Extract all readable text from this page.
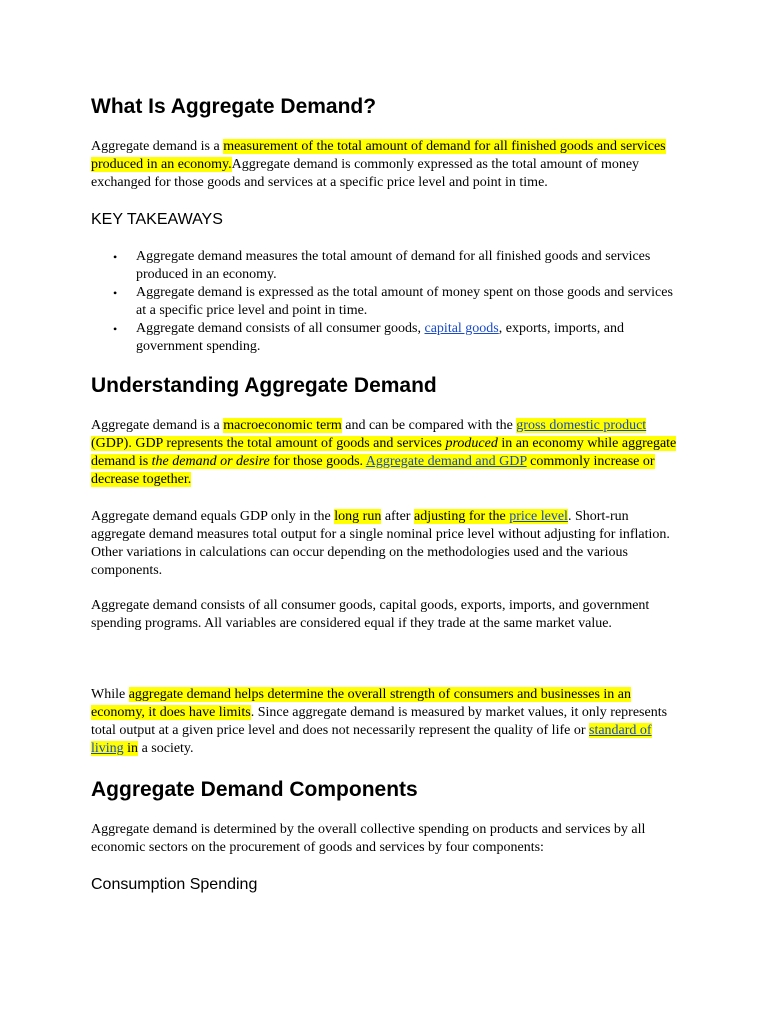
What Is Aggregate Demand?

Aggregate demand is a measurement of the total amount of demand for all finished goods and services produced in an economy.Aggregate demand is commonly expressed as the total amount of money exchanged for those goods and services at a specific price level and point in time.

KEY TAKEAWAYS
• Aggregate demand measures the total amount of demand for all finished goods and services produced in an economy.
• Aggregate demand is expressed as the total amount of money spent on those goods and services at a specific price level and point in time.
• Aggregate demand consists of all consumer goods, capital goods, exports, imports, and government spending.
Understanding Aggregate Demand

Aggregate demand is a macroeconomic term and can be compared with the gross domestic product (GDP). GDP represents the total amount of goods and services produced in an economy while aggregate demand is the demand or desire for those goods. Aggregate demand and GDP commonly increase or decrease together.

Aggregate demand equals GDP only in the long run after adjusting for the price level. Short-run aggregate demand measures total output for a single nominal price level without adjusting for inflation. Other variations in calculations can occur depending on the methodologies used and the various components.

Aggregate demand consists of all consumer goods, capital goods, exports, imports, and government spending programs. All variables are considered equal if they trade at the same market value.

While aggregate demand helps determine the overall strength of consumers and businesses in an economy, it does have limits. Since aggregate demand is measured by market values, it only represents total output at a given price level and does not necessarily represent the quality of life or standard of living in a society.

Aggregate Demand Components

Aggregate demand is determined by the overall collective spending on products and services by all economic sectors on the procurement of goods and services by four components:

Consumption Spending
